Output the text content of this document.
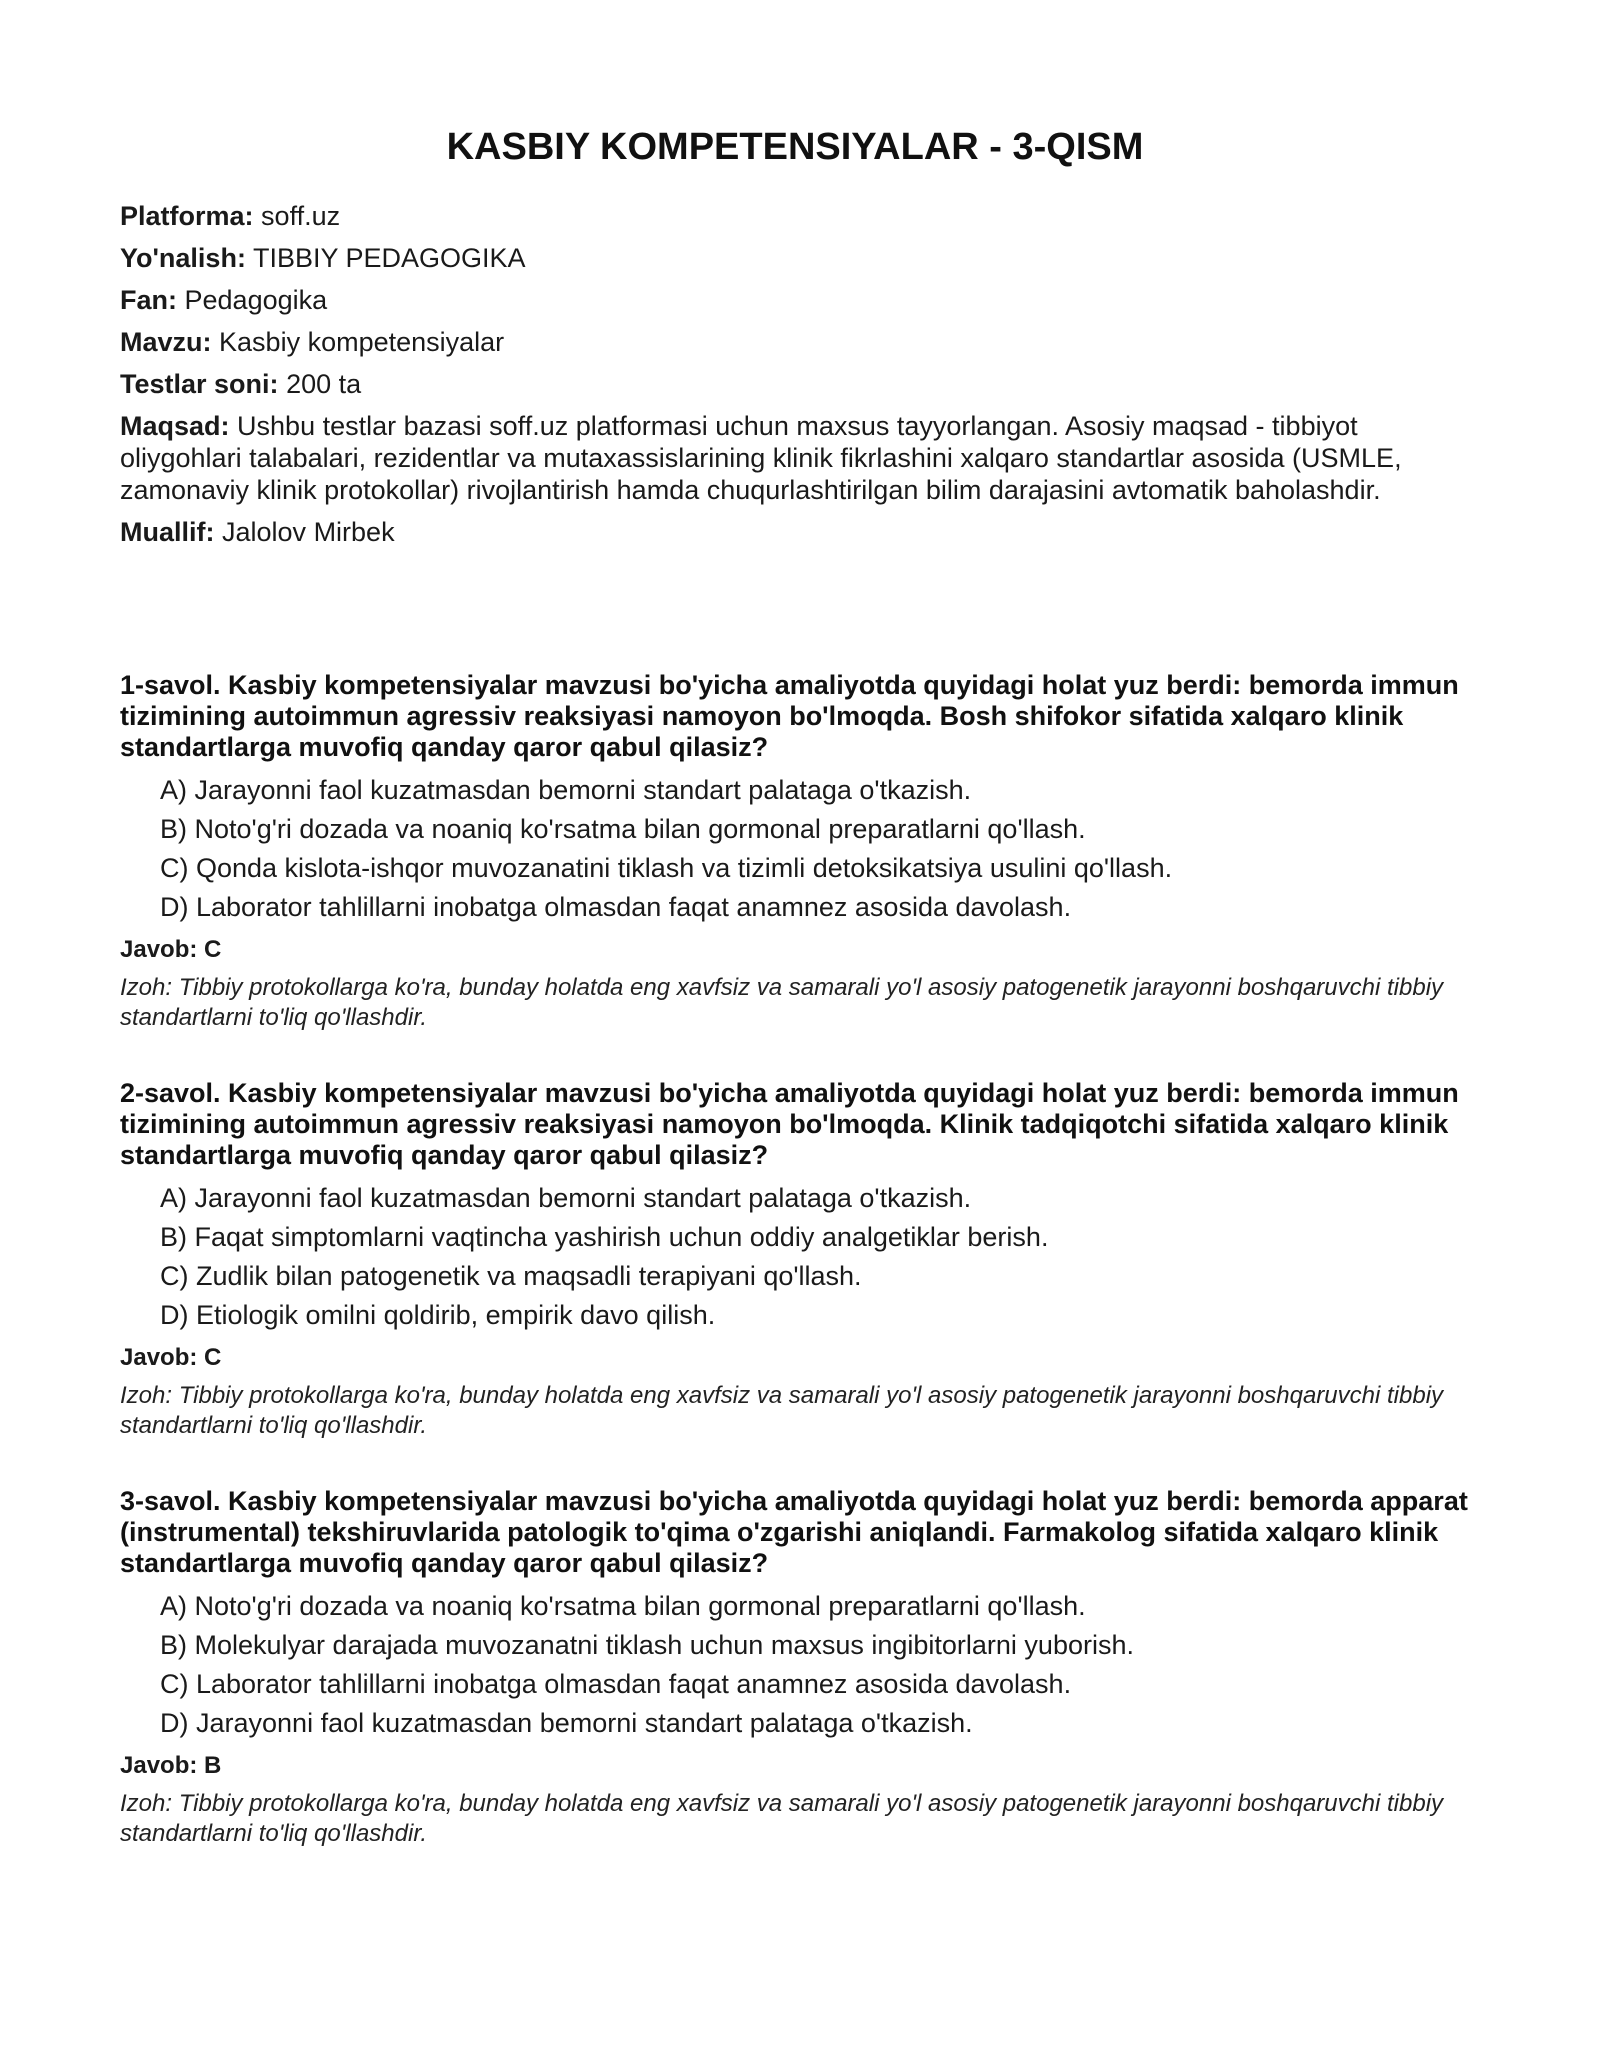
KASBIY KOMPETENSIYALAR - 3-QISM
Platforma: soff.uz
Yo'nalish: TIBBIY PEDAGOGIKA
Fan: Pedagogika
Mavzu: Kasbiy kompetensiyalar
Testlar soni: 200 ta
Maqsad: Ushbu testlar bazasi soff.uz platformasi uchun maxsus tayyorlangan. Asosiy maqsad - tibbiyot oliygohlari talabalari, rezidentlar va mutaxassislarining klinik fikrlashini xalqaro standartlar asosida (USMLE, zamonaviy klinik protokollar) rivojlantirish hamda chuqurlashtirilgan bilim darajasini avtomatik baholashdir.
Muallif: Jalolov Mirbek
1-savol. Kasbiy kompetensiyalar mavzusi bo'yicha amaliyotda quyidagi holat yuz berdi: bemorda immun tizimining autoimmun agressiv reaksiyasi namoyon bo'lmoqda. Bosh shifokor sifatida xalqaro klinik standartlarga muvofiq qanday qaror qabul qilasiz?
A) Jarayonni faol kuzatmasdan bemorni standart palataga o'tkazish.
B) Noto'g'ri dozada va noaniq ko'rsatma bilan gormonal preparatlarni qo'llash.
C) Qonda kislota-ishqor muvozanatini tiklash va tizimli detoksikatsiya usulini qo'llash.
D) Laborator tahlillarni inobatga olmasdan faqat anamnez asosida davolash.
Javob: C
Izoh: Tibbiy protokollarga ko'ra, bunday holatda eng xavfsiz va samarali yo'l asosiy patogenetik jarayonni boshqaruvchi tibbiy standartlarni to'liq qo'llashdir.
2-savol. Kasbiy kompetensiyalar mavzusi bo'yicha amaliyotda quyidagi holat yuz berdi: bemorda immun tizimining autoimmun agressiv reaksiyasi namoyon bo'lmoqda. Klinik tadqiqotchi sifatida xalqaro klinik standartlarga muvofiq qanday qaror qabul qilasiz?
A) Jarayonni faol kuzatmasdan bemorni standart palataga o'tkazish.
B) Faqat simptomlarni vaqtincha yashirish uchun oddiy analgetiklar berish.
C) Zudlik bilan patogenetik va maqsadli terapiyani qo'llash.
D) Etiologik omilni qoldirib, empirik davo qilish.
Javob: C
Izoh: Tibbiy protokollarga ko'ra, bunday holatda eng xavfsiz va samarali yo'l asosiy patogenetik jarayonni boshqaruvchi tibbiy standartlarni to'liq qo'llashdir.
3-savol. Kasbiy kompetensiyalar mavzusi bo'yicha amaliyotda quyidagi holat yuz berdi: bemorda apparat (instrumental) tekshiruvlarida patologik to'qima o'zgarishi aniqlandi. Farmakolog sifatida xalqaro klinik standartlarga muvofiq qanday qaror qabul qilasiz?
A) Noto'g'ri dozada va noaniq ko'rsatma bilan gormonal preparatlarni qo'llash.
B) Molekulyar darajada muvozanatni tiklash uchun maxsus ingibitorlarni yuborish.
C) Laborator tahlillarni inobatga olmasdan faqat anamnez asosida davolash.
D) Jarayonni faol kuzatmasdan bemorni standart palataga o'tkazish.
Javob: B
Izoh: Tibbiy protokollarga ko'ra, bunday holatda eng xavfsiz va samarali yo'l asosiy patogenetik jarayonni boshqaruvchi tibbiy standartlarni to'liq qo'llashdir.
